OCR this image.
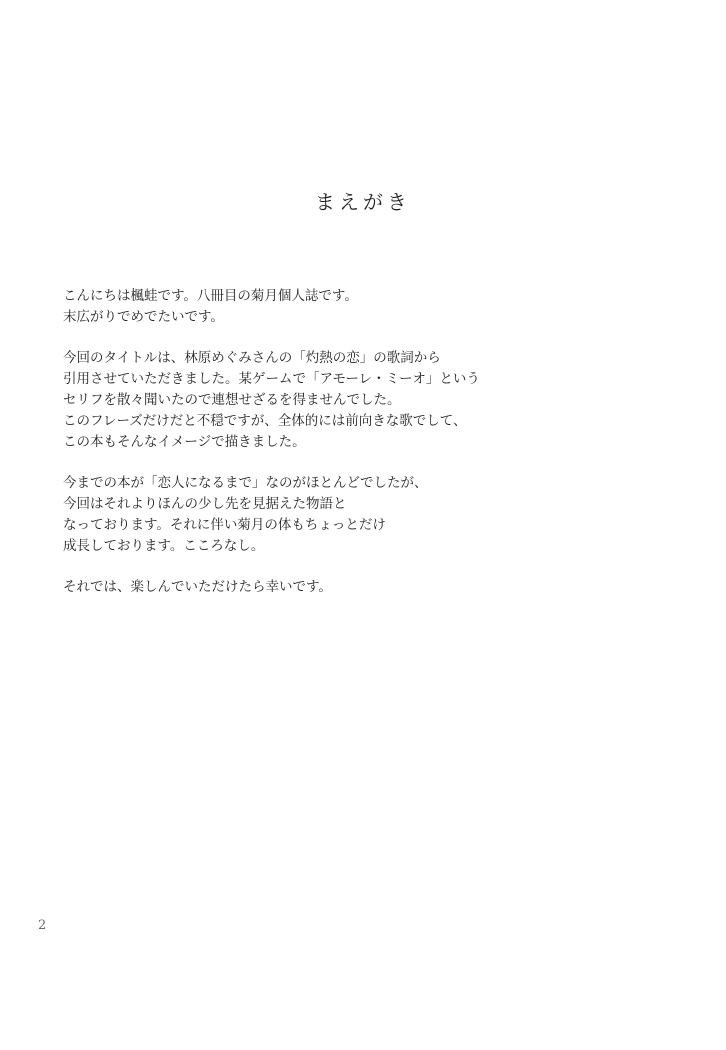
まえがき

こんにちは楓蛙です。八冊目の菊月個人誌です。
末広がりでめでたいです。

今回のタイトルは、林原めぐみさんの「灼熱の恋」の歌詞から
引用させていただきました。某ゲームで「アモーレ・ミーオ」という
セリフを散々聞いたので連想せざるを得ませんでした。
このフレーズだけだと不穏ですが、全体的には前向きな歌でして、
この本もそんなイメージで描きました。

今までの本が「恋人になるまで」なのがほとんどでしたが、
今回はそれよりほんの少し先を見据えた物語と
なっております。それに伴い菊月の体もちょっとだけ
成長しております。こころなし。

それでは、楽しんでいただけたら幸いです。

2
